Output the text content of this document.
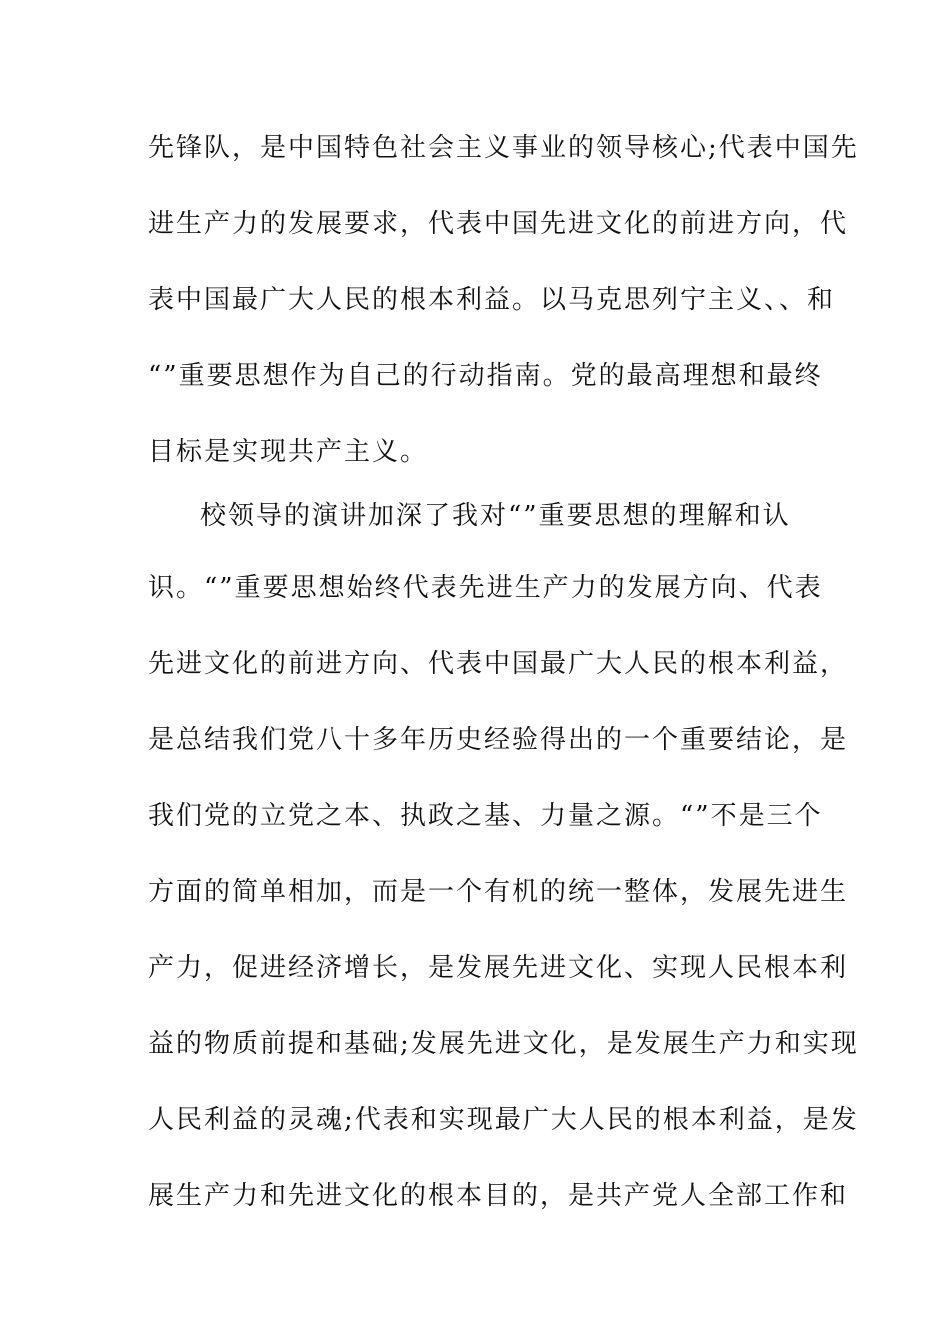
先锋队，是中国特色社会主义事业的领导核心;代表中国先
进生产力的发展要求，代表中国先进文化的前进方向，代
表中国最广大人民的根本利益。以马克思列宁主义、、和
“”重要思想作为自己的行动指南。党的最高理想和最终
目标是实现共产主义。
校领导的演讲加深了我对“”重要思想的理解和认
识。“”重要思想始终代表先进生产力的发展方向、代表
先进文化的前进方向、代表中国最广大人民的根本利益，
是总结我们党八十多年历史经验得出的一个重要结论，是
我们党的立党之本、执政之基、力量之源。“”不是三个
方面的简单相加，而是一个有机的统一整体，发展先进生
产力，促进经济增长，是发展先进文化、实现人民根本利
益的物质前提和基础;发展先进文化，是发展生产力和实现
人民利益的灵魂;代表和实现最广大人民的根本利益，是发
展生产力和先进文化的根本目的，是共产党人全部工作和
